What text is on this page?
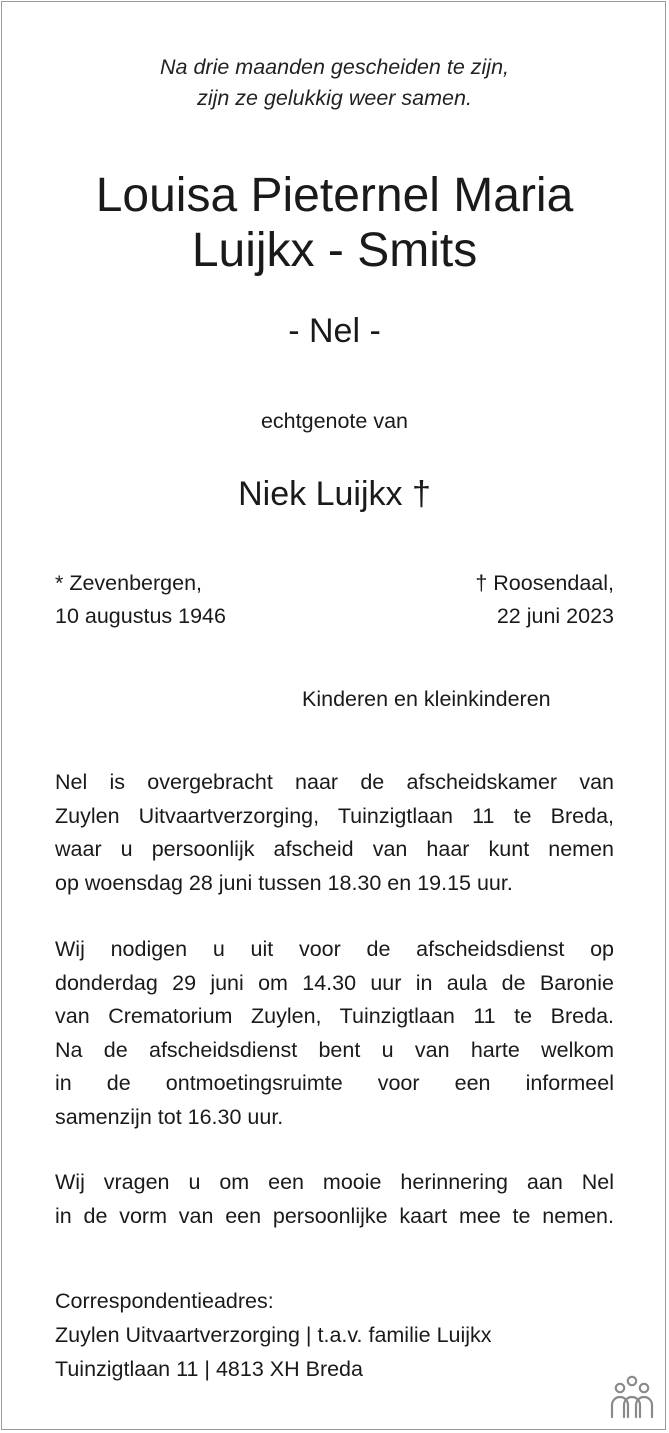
Na drie maanden gescheiden te zijn,
zijn ze gelukkig weer samen.

Louisa Pieternel Maria
Luijkx - Smits

- Nel -

echtgenote van

Niek Luijkx †

* Zevenbergen,
10 augustus 1946

† Roosendaal,
22 juni 2023

Kinderen en kleinkinderen

Nel is overgebracht naar de afscheidskamer van
Zuylen Uitvaartverzorging, Tuinzigtlaan 11 te Breda,
waar u persoonlijk afscheid van haar kunt nemen
op woensdag 28 juni tussen 18.30 en 19.15 uur.
Wij nodigen u uit voor de afscheidsdienst op
donderdag 29 juni om 14.30 uur in aula de Baronie
van Crematorium Zuylen, Tuinzigtlaan 11 te Breda.
Na de afscheidsdienst bent u van harte welkom
in de ontmoetingsruimte voor een informeel
samenzijn tot 16.30 uur.
Wij vragen u om een mooie herinnering aan Nel
in de vorm van een persoonlijke kaart mee te nemen.
Correspondentieadres:
Zuylen Uitvaartverzorging | t.a.v. familie Luijkx
Tuinzigtlaan 11 | 4813 XH Breda
